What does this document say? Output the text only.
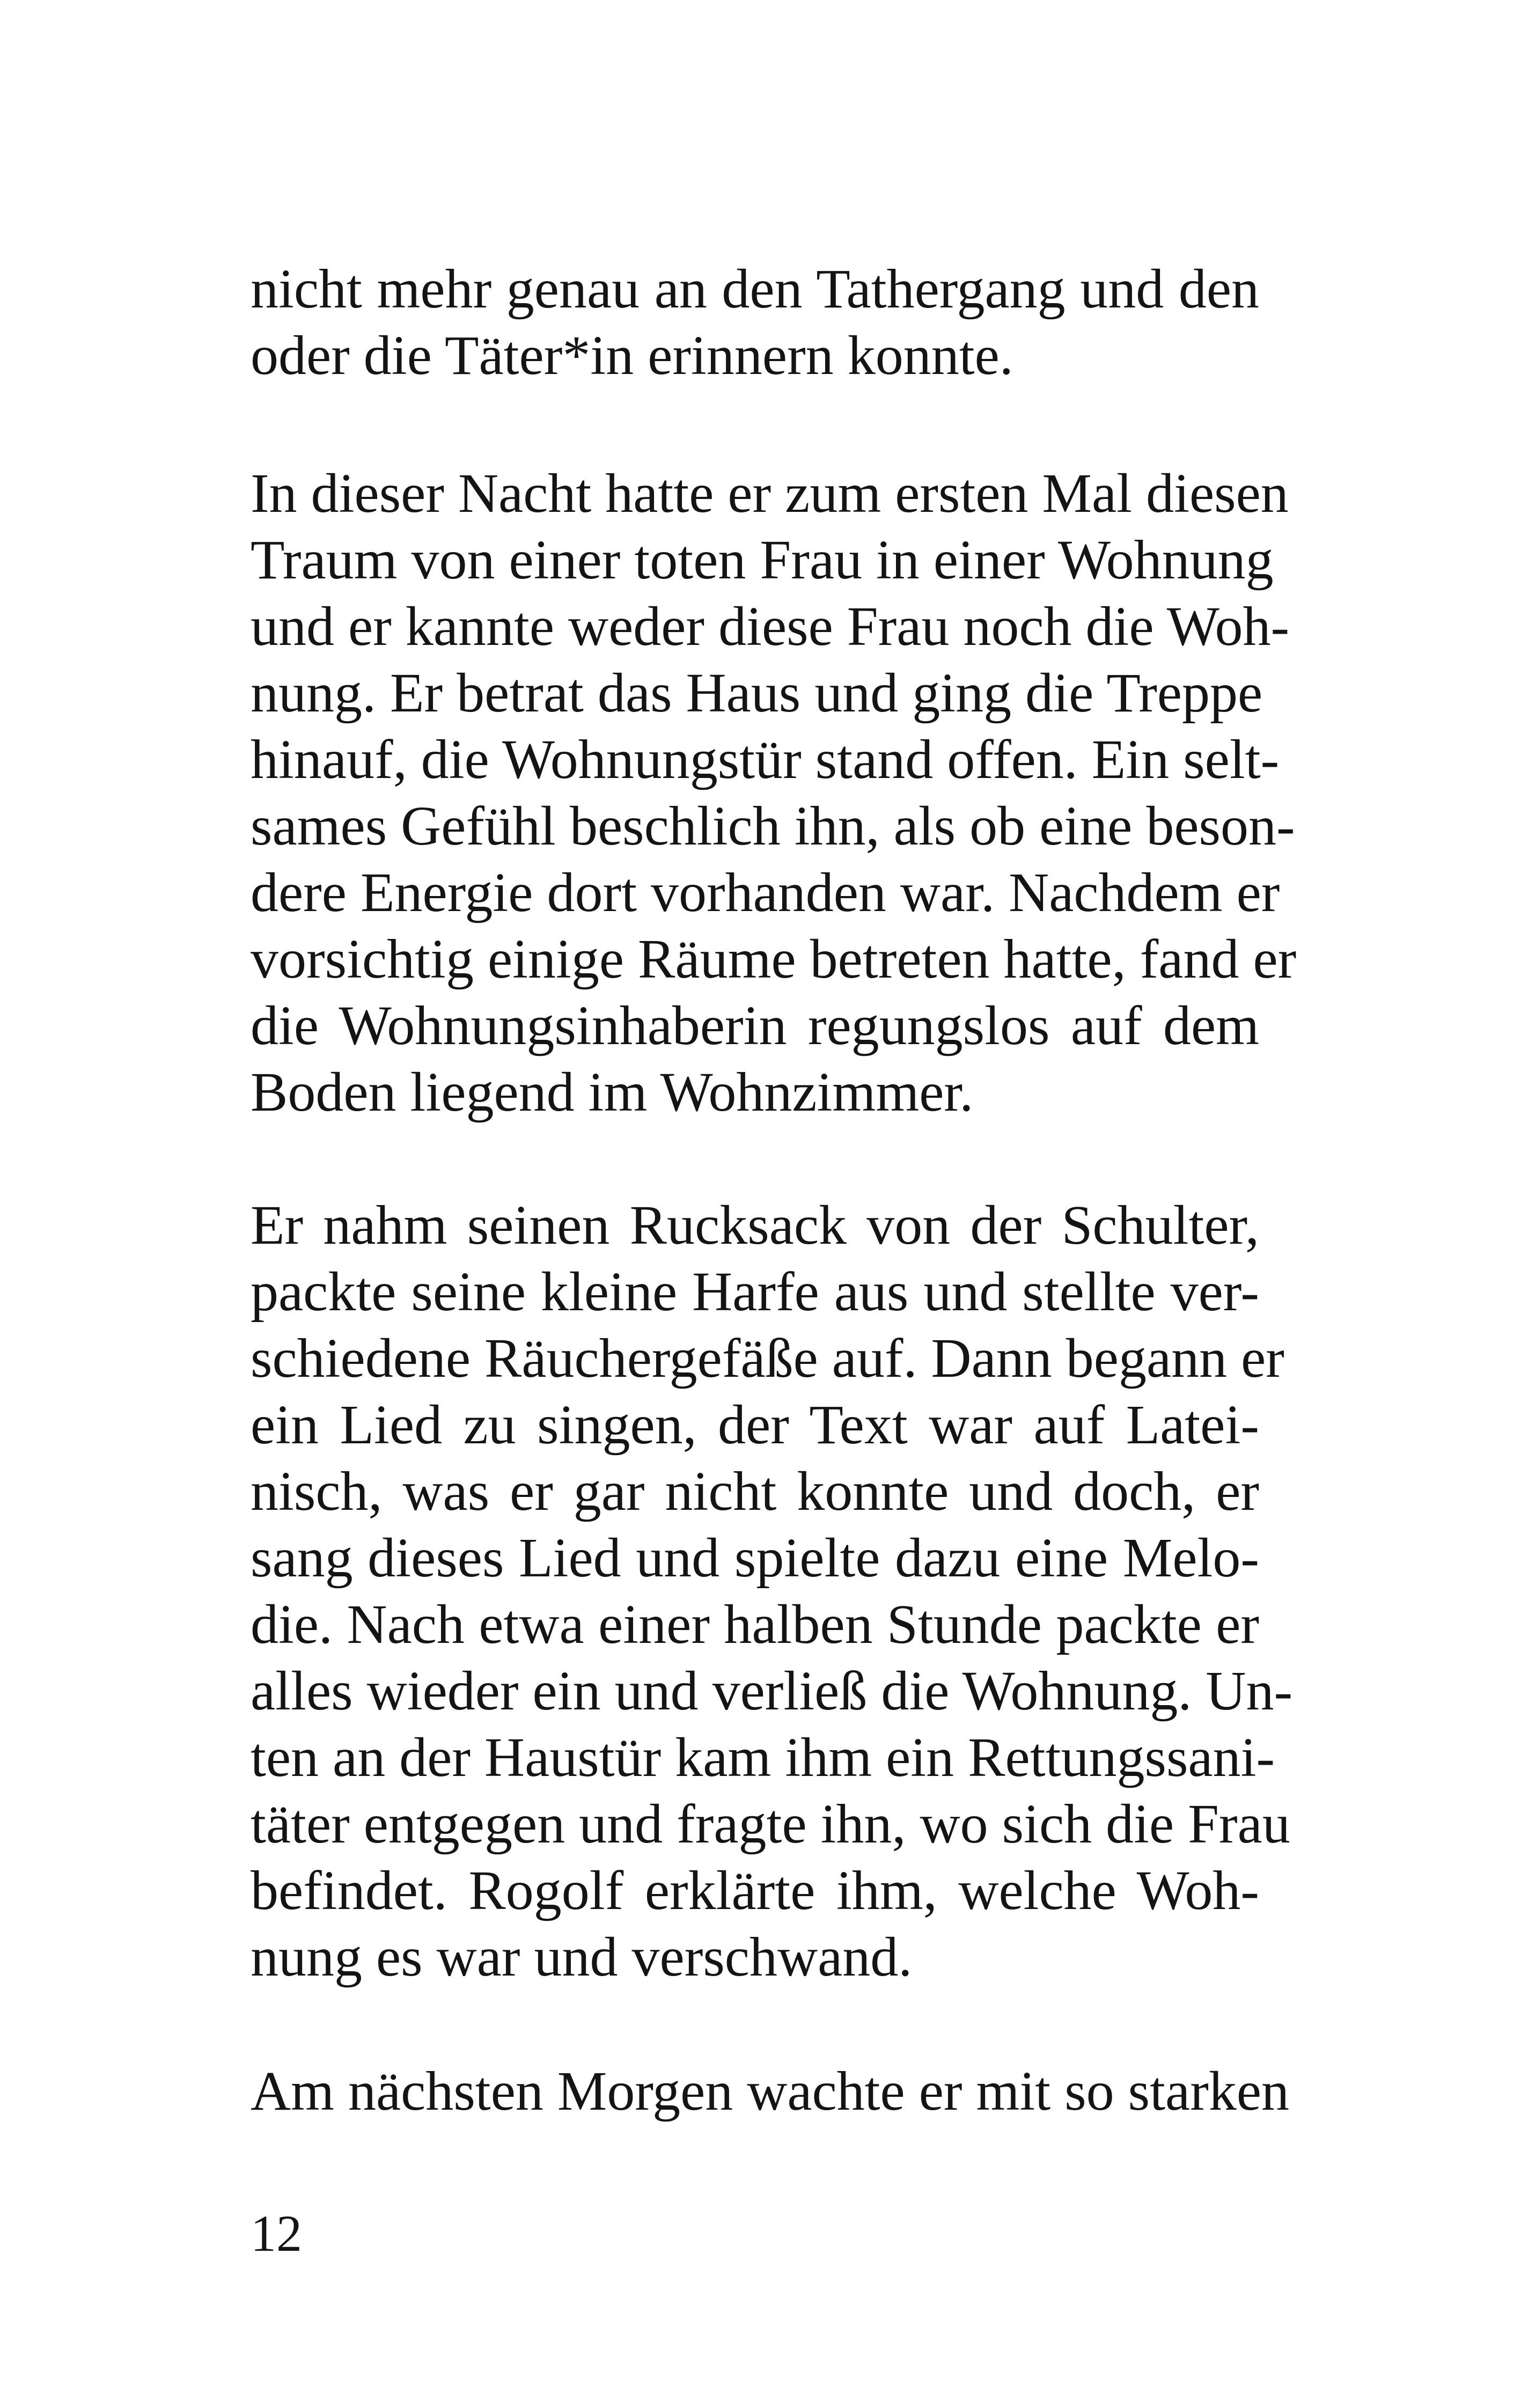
nicht mehr genau an den Tathergang und den
oder die Täter*in erinnern konnte.
In dieser Nacht hatte er zum ersten Mal diesen
Traum von einer toten Frau in einer Wohnung
und er kannte weder diese Frau noch die Woh-
nung. Er betrat das Haus und ging die Treppe
hinauf, die Wohnungstür stand offen. Ein selt-
sames Gefühl beschlich ihn, als ob eine beson-
dere Energie dort vorhanden war. Nachdem er
vorsichtig einige Räume betreten hatte, fand er
die Wohnungsinhaberin regungslos auf dem
Boden liegend im Wohnzimmer.
Er nahm seinen Rucksack von der Schulter,
packte seine kleine Harfe aus und stellte ver-
schiedene Räuchergefäße auf. Dann begann er
ein Lied zu singen, der Text war auf Latei-
nisch, was er gar nicht konnte und doch, er
sang dieses Lied und spielte dazu eine Melo-
die. Nach etwa einer halben Stunde packte er
alles wieder ein und verließ die Wohnung. Un-
ten an der Haustür kam ihm ein Rettungssani-
täter entgegen und fragte ihn, wo sich die Frau
befindet. Rogolf erklärte ihm, welche Woh-
nung es war und verschwand.
Am nächsten Morgen wachte er mit so starken
12
